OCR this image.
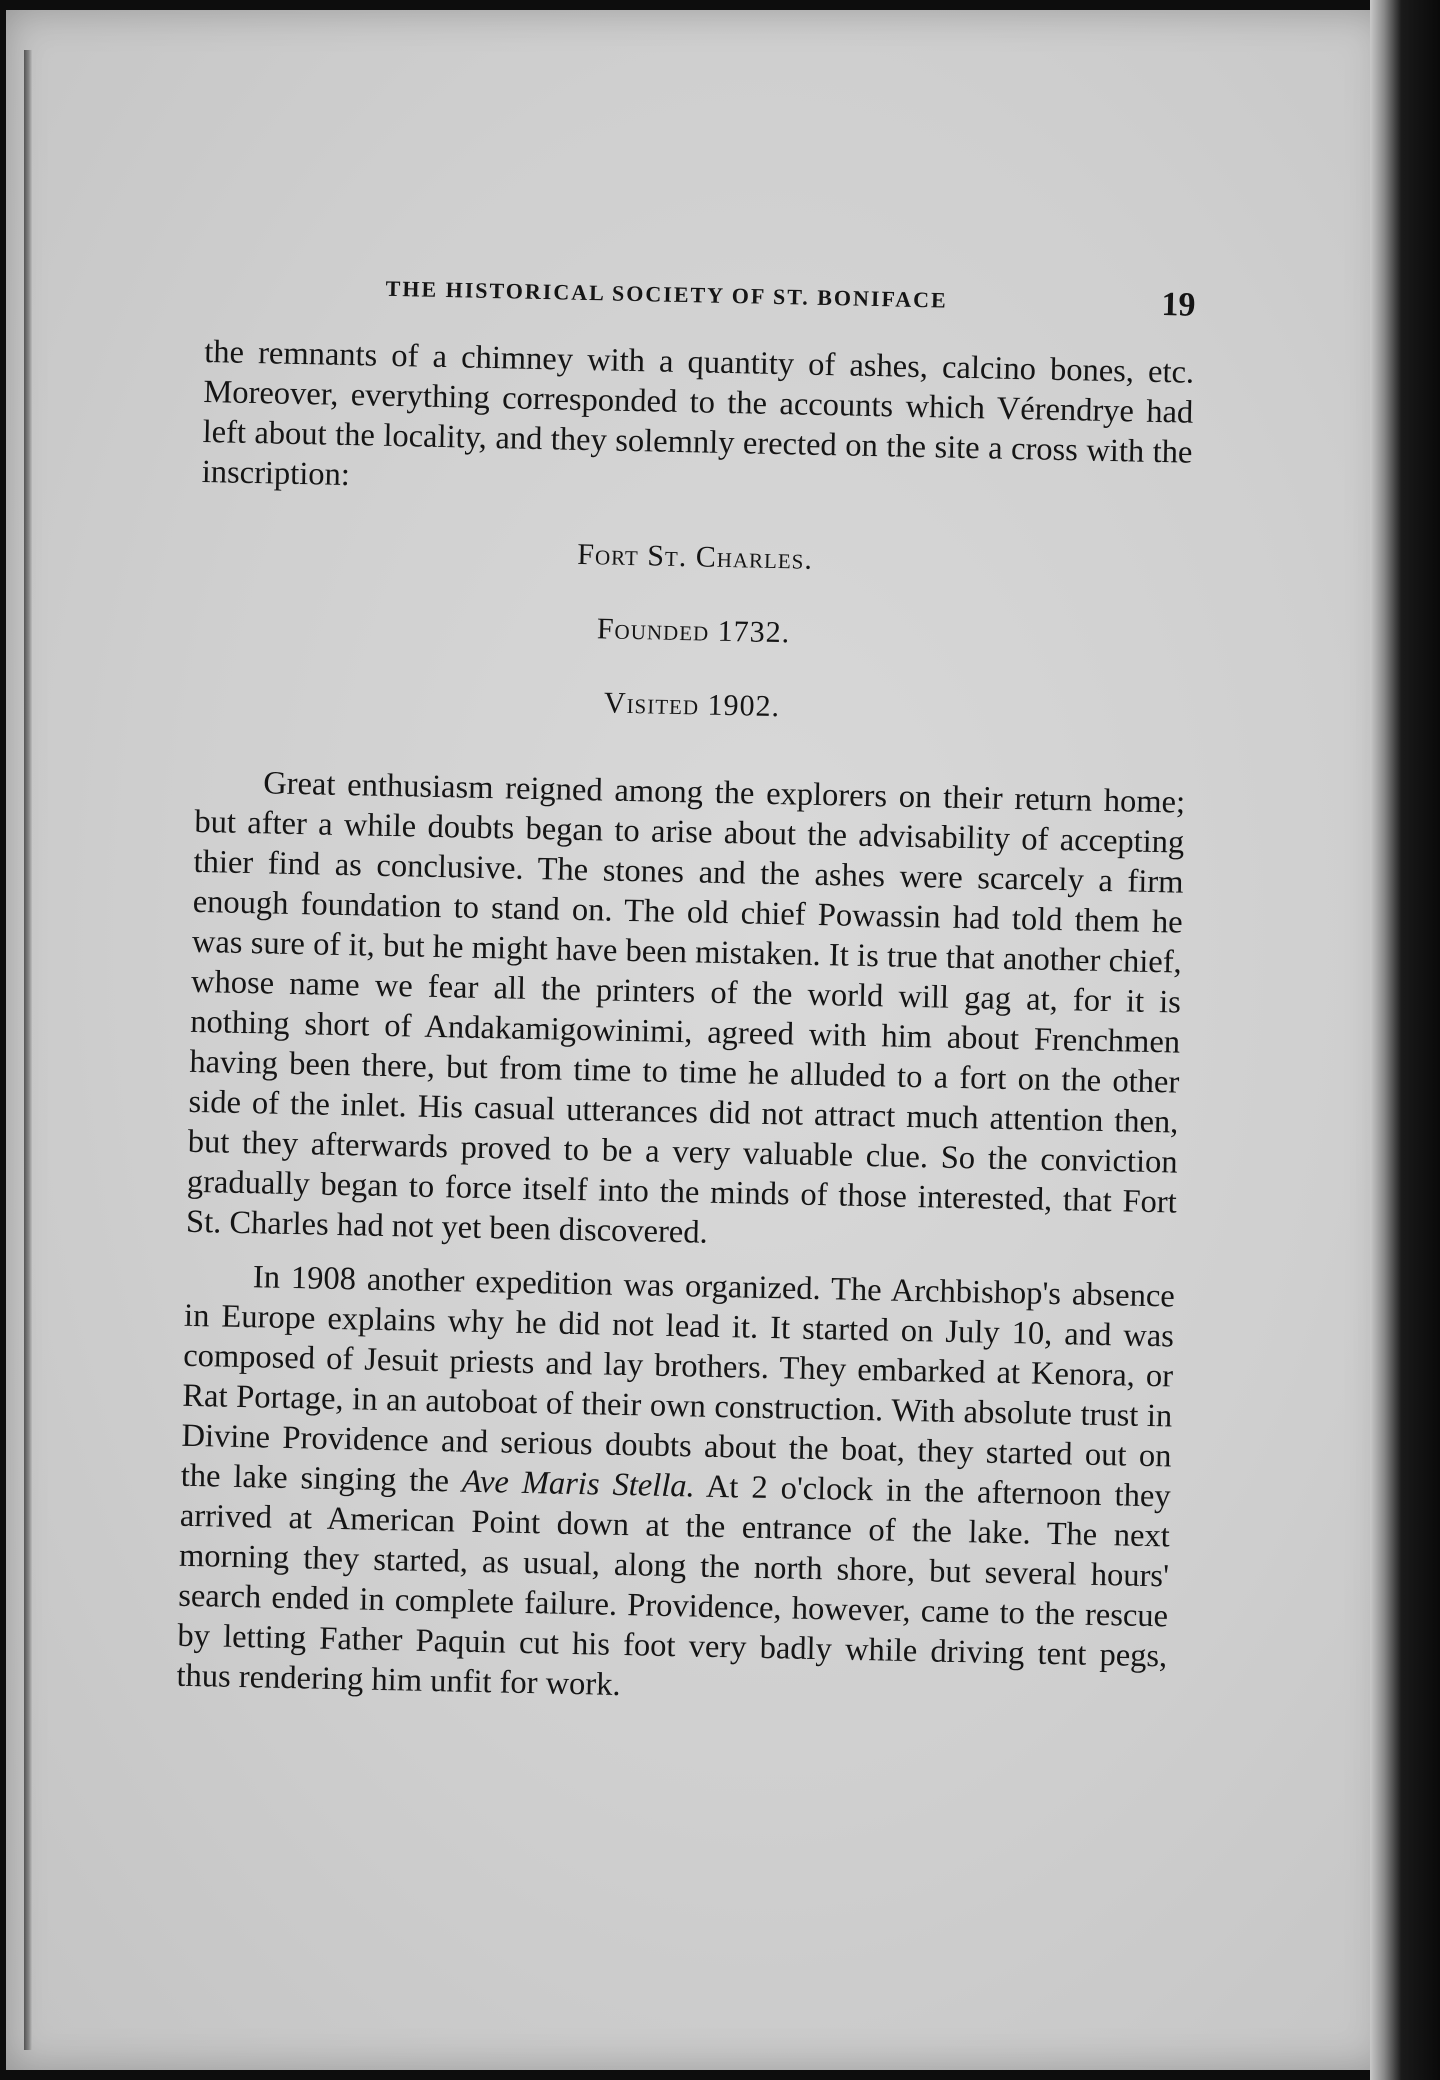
THE HISTORICAL SOCIETY OF ST. BONIFACE	19

the remnants of a chimney with a quantity of ashes, calcino bones, etc. Moreover, everything corresponded to the accounts which Vérendrye had left about the locality, and they solemnly erected on the site a cross with the inscription:

Fort St. Charles.

Founded 1732.

Visited 1902.

Great enthusiasm reigned among the explorers on their return home; but after a while doubts began to arise about the advisability of accepting thier find as conclusive. The stones and the ashes were scarcely a firm enough foundation to stand on. The old chief Powassin had told them he was sure of it, but he might have been mistaken. It is true that another chief, whose name we fear all the printers of the world will gag at, for it is nothing short of Andakamigowinimi, agreed with him about Frenchmen having been there, but from time to time he alluded to a fort on the other side of the inlet. His casual utterances did not attract much attention then, but they afterwards proved to be a very valuable clue. So the conviction gradually began to force itself into the minds of those interested, that Fort St. Charles had not yet been discovered.

In 1908 another expedition was organized. The Archbishop's absence in Europe explains why he did not lead it. It started on July 10, and was composed of Jesuit priests and lay brothers. They embarked at Kenora, or Rat Portage, in an autoboat of their own construction. With absolute trust in Divine Providence and serious doubts about the boat, they started out on the lake singing the Ave Maris Stella. At 2 o'clock in the afternoon they arrived at American Point down at the entrance of the lake. The next morning they started, as usual, along the north shore, but several hours' search ended in complete failure. Providence, however, came to the rescue by letting Father Paquin cut his foot very badly while driving tent pegs, thus rendering him unfit for work.
